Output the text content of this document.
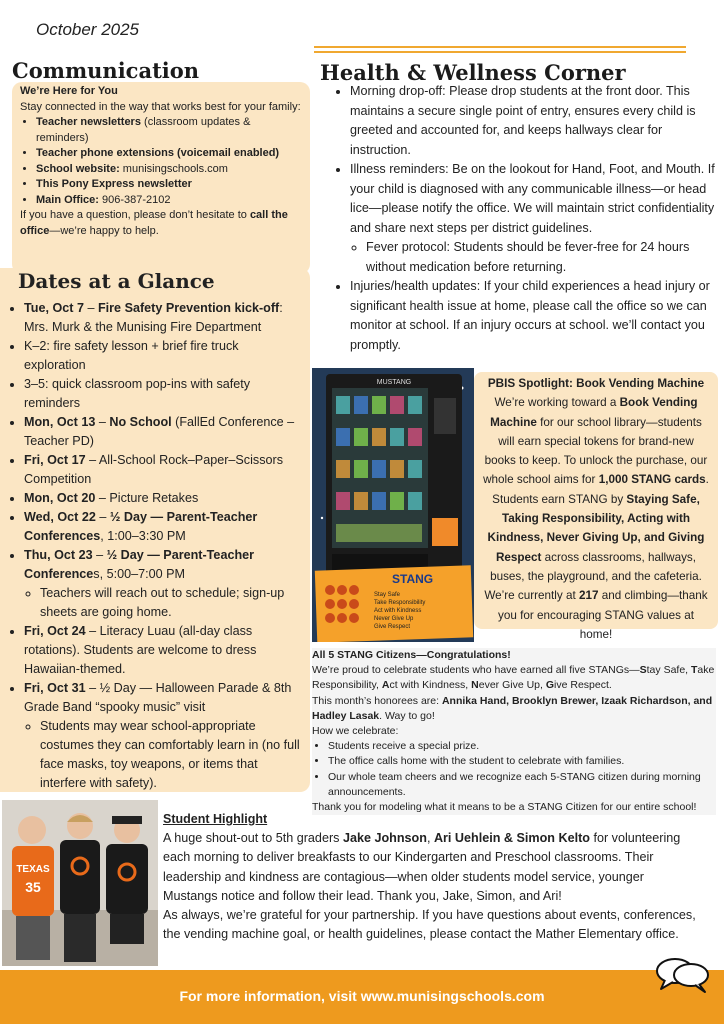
October 2025
We’re Here for You
Stay connected in the way that works best for your family:
• Teacher newsletters (classroom updates & reminders)
• Teacher phone extensions (voicemail enabled)
• School website: munisingschools.com
• This Pony Express newsletter
• Main Office: 906-387-2102
If you have a question, please don’t hesitate to call the office—we’re happy to help.
Communication
Dates at a Glance
• Tue, Oct 7 – Fire Safety Prevention kick-off: Mrs. Murk & the Munising Fire Department
• K–2: fire safety lesson + brief fire truck exploration
• 3–5: quick classroom pop-ins with safety reminders
• Mon, Oct 13 – No School (FallEd Conference – Teacher PD)
• Fri, Oct 17 – All-School Rock–Paper–Scissors Competition
• Mon, Oct 20 – Picture Retakes
• Wed, Oct 22 – ½ Day — Parent-Teacher Conferences, 1:00–3:30 PM
• Thu, Oct 23 – ½ Day — Parent-Teacher Conferences, 5:00–7:00 PM
◦ Teachers will reach out to schedule; sign-up sheets are going home.
• Fri, Oct 24 – Literacy Luau (all-day class rotations). Students are welcome to dress Hawaiian-themed.
• Fri, Oct 31 – ½ Day — Halloween Parade & 8th Grade Band “spooky music” visit
◦ Students may wear school-appropriate costumes they can comfortably learn in (no full face masks, toy weapons, or items that interfere with safety).
Health & Wellness Corner
• Morning drop-off: Please drop students at the front door. This maintains a secure single point of entry, ensures every child is greeted and accounted for, and keeps hallways clear for instruction.
• Illness reminders: Be on the lookout for Hand, Foot, and Mouth. If your child is diagnosed with any communicable illness—or head lice—please notify the office. We will maintain strict confidentiality and share next steps per district guidelines.
◦ Fever protocol: Students should be fever-free for 24 hours without medication before returning.
• Injuries/health updates: If your child experiences a head injury or significant health issue at home, please call the office so we can monitor at school. If an injury occurs at school. we’ll contact you promptly.
MUSTANG
STANG
Stay Safe
Take Responsibility
Act with Kindness
Never Give Up
Give Respect
PBIS Spotlight: Book Vending Machine
We’re working toward a Book Vending Machine for our school library—students will earn special tokens for brand-new books to keep. To unlock the purchase, our whole school aims for 1,000 STANG cards. Students earn STANG by Staying Safe, Taking Responsibility, Acting with Kindness, Never Giving Up, and Giving Respect across classrooms, hallways, buses, the playground, and the cafeteria. We’re currently at 217 and climbing—thank you for encouraging STANG values at home!
All 5 STANG Citizens—Congratulations!
We’re proud to celebrate students who have earned all five STANGs—Stay Safe, Take Responsibility, Act with Kindness, Never Give Up, Give Respect.
This month’s honorees are: Annika Hand, Brooklyn Brewer, Izaak Richardson, and Hadley Lasak. Way to go!
How we celebrate:
• Students receive a special prize.
• The office calls home with the student to celebrate with families.
• Our whole team cheers and we recognize each 5-STANG citizen during morning announcements.
Thank you for modeling what it means to be a STANG Citizen for our entire school!
TEXAS
35
Student Highlight
A huge shout-out to 5th graders Jake Johnson, Ari Uehlein & Simon Kelto for volunteering each morning to deliver breakfasts to our Kindergarten and Preschool classrooms. Their leadership and kindness are contagious—when older students model service, younger Mustangs notice and follow their lead. Thank you, Jake, Simon, and Ari!
As always, we’re grateful for your partnership. If you have questions about events, conferences, the vending machine goal, or health guidelines, please contact the Mather Elementary office.
For more information, visit www.munisingschools.com
